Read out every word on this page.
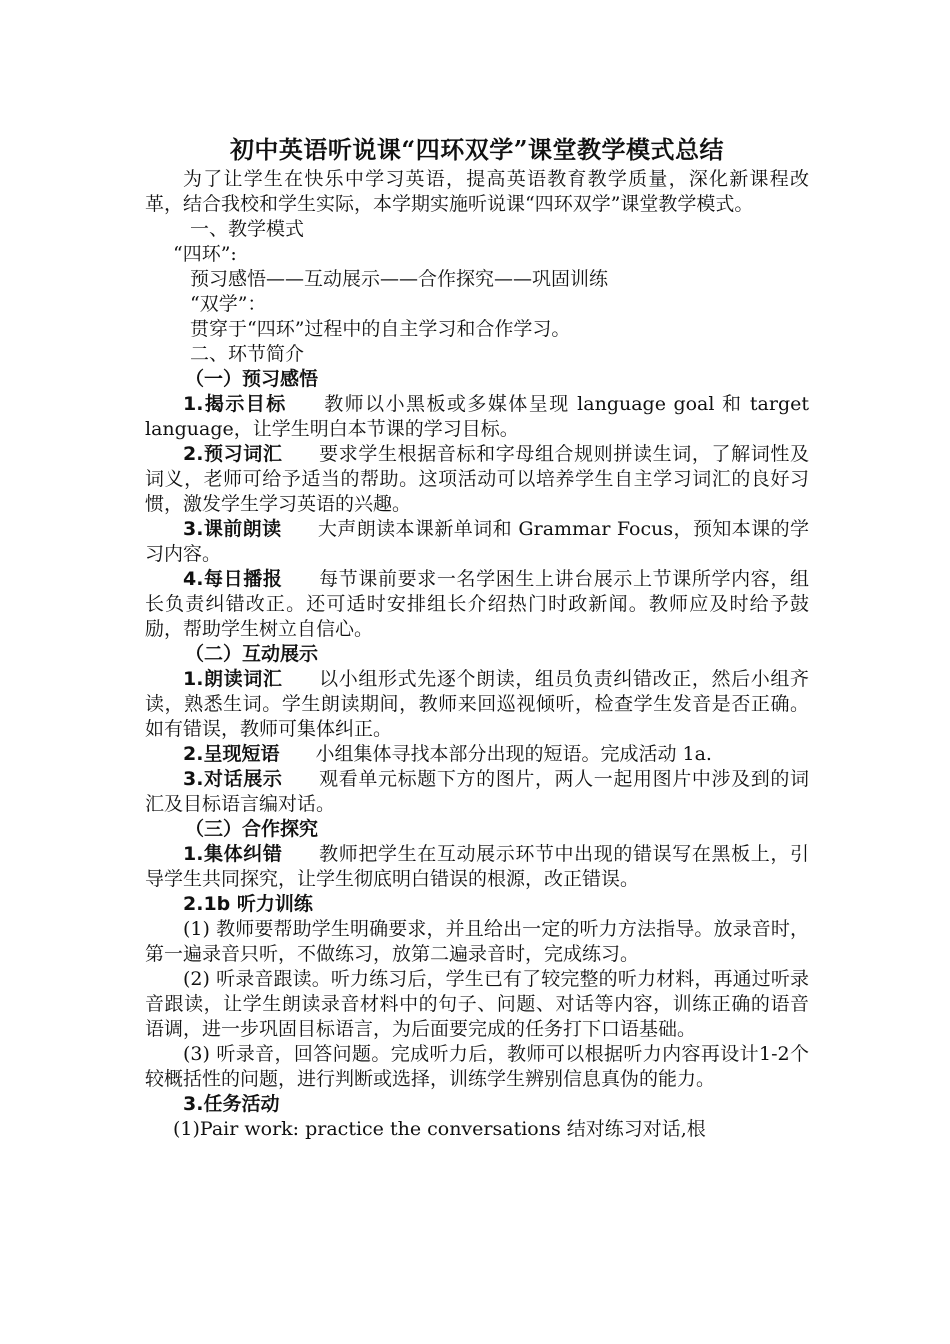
初中英语听说课“四环双学”课堂教学模式总结

为了让学生在快乐中学习英语，提高英语教育教学质量，深化新课程改革，结合我校和学生实际，本学期实施听说课“四环双学”课堂教学模式。

一、教学模式

“四环”:

预习感悟——互动展示——合作探究——巩固训练

“双学”：

贯穿于“四环”过程中的自主学习和合作学习。

二、环节简介

（一）预习感悟

1.揭示目标 教师以小黑板或多媒体呈现 language goal 和 target language，让学生明白本节课的学习目标。

2.预习词汇 要求学生根据音标和字母组合规则拼读生词，了解词性及词义，老师可给予适当的帮助。这项活动可以培养学生自主学习词汇的良好习惯，激发学生学习英语的兴趣。

3.课前朗读 大声朗读本课新单词和 Grammar Focus，预知本课的学习内容。

4.每日播报 每节课前要求一名学困生上讲台展示上节课所学内容，组长负责纠错改正。还可适时安排组长介绍热门时政新闻。教师应及时给予鼓励，帮助学生树立自信心。

（二）互动展示

1.朗读词汇 以小组形式先逐个朗读，组员负责纠错改正，然后小组齐读，熟悉生词。学生朗读期间，教师来回巡视倾听，检查学生发音是否正确。如有错误，教师可集体纠正。

2.呈现短语 小组集体寻找本部分出现的短语。完成活动 1a.

3.对话展示 观看单元标题下方的图片，两人一起用图片中涉及到的词汇及目标语言编对话。

（三）合作探究

1.集体纠错 教师把学生在互动展示环节中出现的错误写在黑板上，引导学生共同探究，让学生彻底明白错误的根源，改正错误。

2.1b 听力训练

(1) 教师要帮助学生明确要求，并且给出一定的听力方法指导。放录音时，第一遍录音只听，不做练习，放第二遍录音时，完成练习。

(2) 听录音跟读。听力练习后，学生已有了较完整的听力材料，再通过听录音跟读，让学生朗读录音材料中的句子、问题、对话等内容，训练正确的语音语调，进一步巩固目标语言，为后面要完成的任务打下口语基础。

(3) 听录音，回答问题。完成听力后，教师可以根据听力内容再设计1-2个较概括性的问题，进行判断或选择，训练学生辨别信息真伪的能力。

3.任务活动

(1)Pair work: practice the conversations 结对练习对话,根
